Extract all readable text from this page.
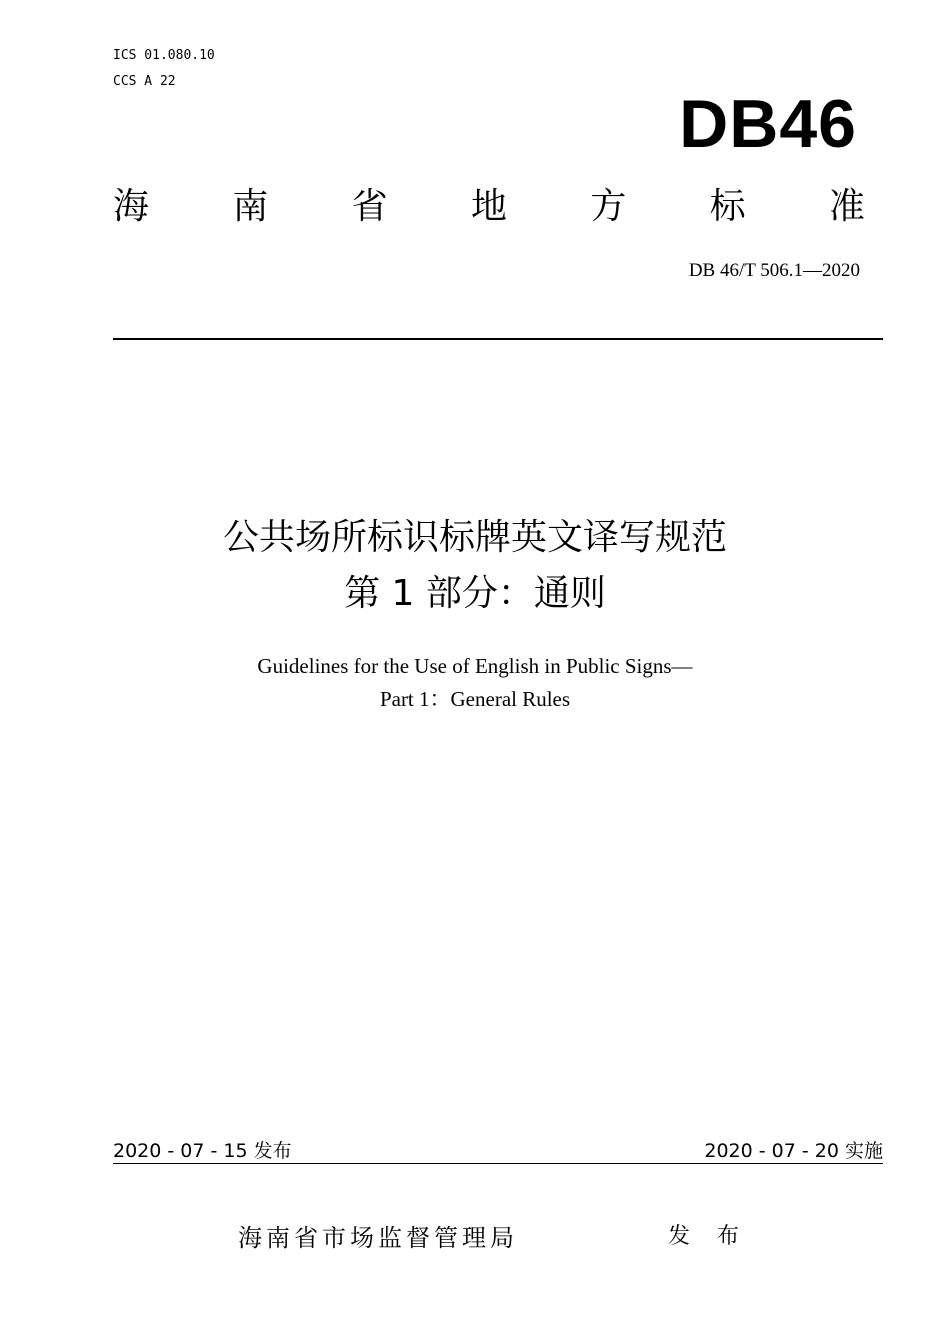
ICS 01.080.10
CCS A 22
DB46
海 南 省 地 方 标 准
DB 46/T 506.1—2020
公共场所标识标牌英文译写规范
第 1 部分：通则
Guidelines for the Use of English in Public Signs—
Part 1：General Rules
2020 - 07 - 15 发布	2020 - 07 - 20 实施
海南省市场监督管理局	发 布
